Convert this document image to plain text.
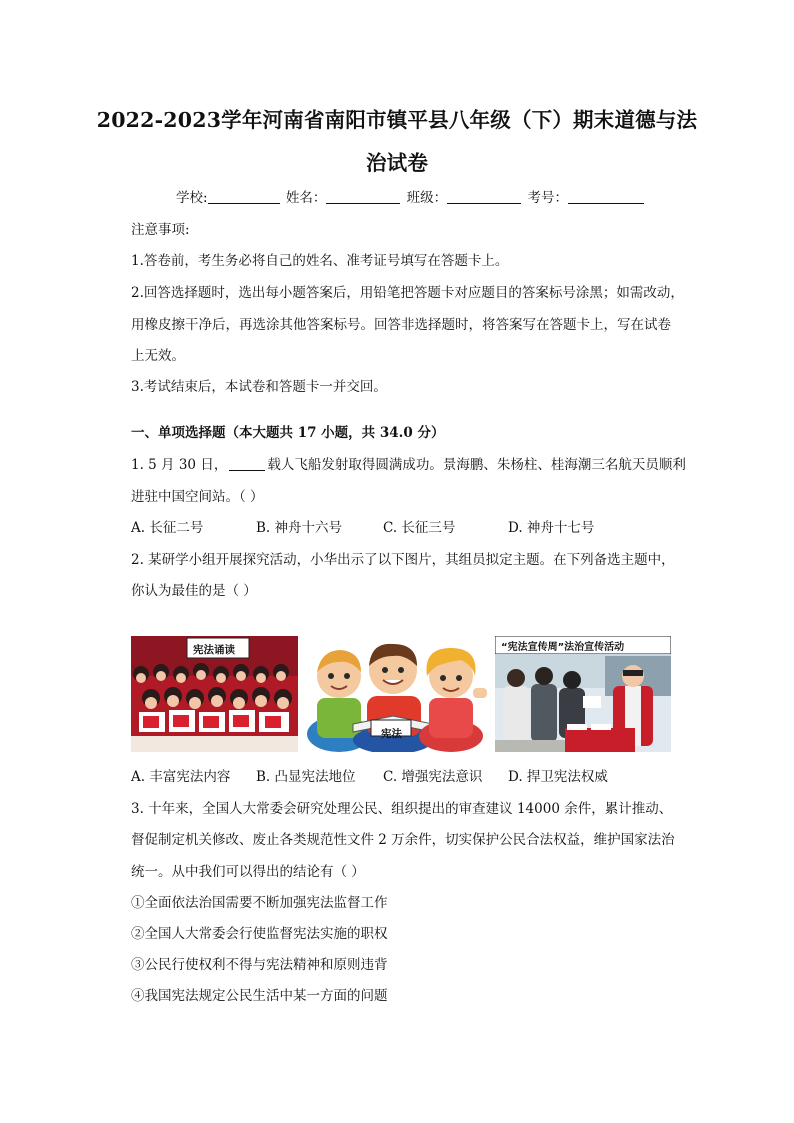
2022-2023学年河南省南阳市镇平县八年级（下）期末道德与法
治试卷
学校:	姓名：	班级：	考号：
注意事项:
1.答卷前，考生务必将自己的姓名、准考证号填写在答题卡上。
2.回答选择题时，选出每小题答案后，用铅笔把答题卡对应题目的答案标号涂黑；如需改动，
用橡皮擦干净后，再选涂其他答案标号。回答非选择题时，将答案写在答题卡上，写在试卷
上无效。
3.考试结束后，本试卷和答题卡一并交回。
一、单项选择题（本大题共 17 小题，共 34.0 分）
1. 5 月 30 日，	载人飞船发射取得圆满成功。景海鹏、朱杨柱、桂海潮三名航天员顺利
进驻中国空间站。（ ）
A. 长征二号	B. 神舟十六号	C. 长征三号	D. 神舟十七号
2. 某研学小组开展探究活动，小华出示了以下图片，其组员拟定主题。在下列备选主题中，
你认为最佳的是（ ）
宪法诵读
宪法
“宪法宣传周”法治宣传活动
A. 丰富宪法内容 B. 凸显宪法地位 C. 增强宪法意识 D. 捍卫宪法权威
3. 十年来，全国人大常委会研究处理公民、组织提出的审查建议 14000 余件，累计推动、
督促制定机关修改、废止各类规范性文件 2 万余件，切实保护公民合法权益，维护国家法治
统一。从中我们可以得出的结论有（ ）
①全面依法治国需要不断加强宪法监督工作
②全国人大常委会行使监督宪法实施的职权
③公民行使权利不得与宪法精神和原则违背
④我国宪法规定公民生活中某一方面的问题
